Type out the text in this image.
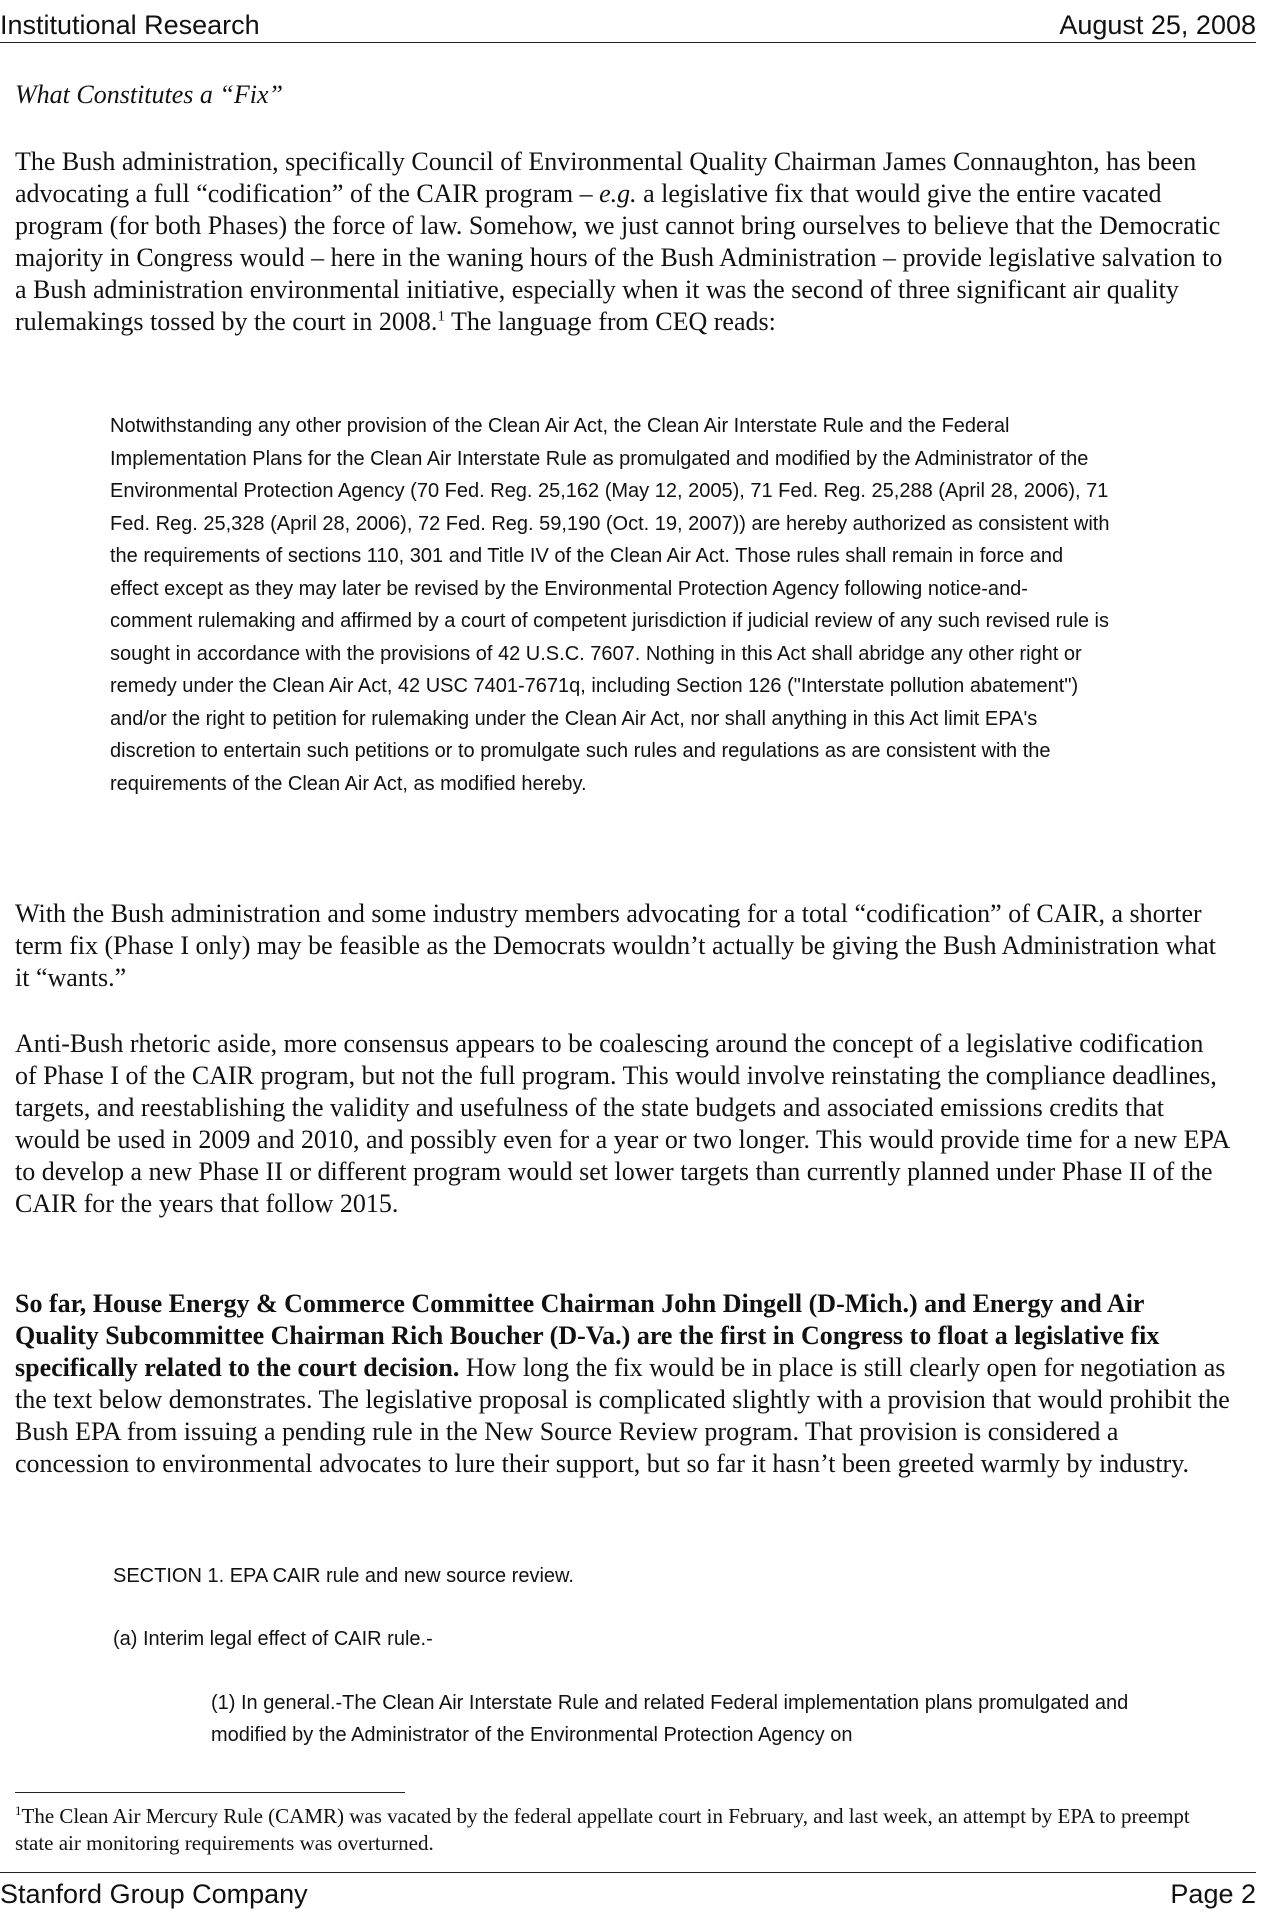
Institutional Research	August 25, 2008
What Constitutes a “Fix”

The Bush administration, specifically Council of Environmental Quality Chairman James Connaughton, has been advocating a full “codification” of the CAIR program – e.g. a legislative fix that would give the entire vacated program (for both Phases) the force of law. Somehow, we just cannot bring ourselves to believe that the Democratic majority in Congress would – here in the waning hours of the Bush Administration – provide legislative salvation to a Bush administration environmental initiative, especially when it was the second of three significant air quality rulemakings tossed by the court in 2008.$^1$ The language from CEQ reads:

Notwithstanding any other provision of the Clean Air Act, the Clean Air Interstate Rule and the Federal Implementation Plans for the Clean Air Interstate Rule as promulgated and modified by the Administrator of the Environmental Protection Agency (70 Fed. Reg. 25,162 (May 12, 2005), 71 Fed. Reg. 25,288 (April 28, 2006), 71 Fed. Reg. 25,328 (April 28, 2006), 72 Fed. Reg. 59,190 (Oct. 19, 2007)) are hereby authorized as consistent with the requirements of sections 110, 301 and Title IV of the Clean Air Act. Those rules shall remain in force and effect except as they may later be revised by the Environmental Protection Agency following notice-and-comment rulemaking and affirmed by a court of competent jurisdiction if judicial review of any such revised rule is sought in accordance with the provisions of 42 U.S.C. 7607. Nothing in this Act shall abridge any other right or remedy under the Clean Air Act, 42 USC 7401-7671q, including Section 126 ("Interstate pollution abatement") and/or the right to petition for rulemaking under the Clean Air Act, nor shall anything in this Act limit EPA's discretion to entertain such petitions or to promulgate such rules and regulations as are consistent with the requirements of the Clean Air Act, as modified hereby.

With the Bush administration and some industry members advocating for a total “codification” of CAIR, a shorter term fix (Phase I only) may be feasible as the Democrats wouldn’t actually be giving the Bush Administration what it “wants.”

Anti-Bush rhetoric aside, more consensus appears to be coalescing around the concept of a legislative codification of Phase I of the CAIR program, but not the full program. This would involve reinstating the compliance deadlines, targets, and reestablishing the validity and usefulness of the state budgets and associated emissions credits that would be used in 2009 and 2010, and possibly even for a year or two longer. This would provide time for a new EPA to develop a new Phase II or different program would set lower targets than currently planned under Phase II of the CAIR for the years that follow 2015.

So far, House Energy & Commerce Committee Chairman John Dingell (D-Mich.) and Energy and Air Quality Subcommittee Chairman Rich Boucher (D-Va.) are the first in Congress to float a legislative fix specifically related to the court decision. How long the fix would be in place is still clearly open for negotiation as the text below demonstrates. The legislative proposal is complicated slightly with a provision that would prohibit the Bush EPA from issuing a pending rule in the New Source Review program. That provision is considered a concession to environmental advocates to lure their support, but so far it hasn’t been greeted warmly by industry.

SECTION 1. EPA CAIR rule and new source review.

(a) Interim legal effect of CAIR rule.-

(1) In general.-The Clean Air Interstate Rule and related Federal implementation plans promulgated and modified by the Administrator of the Environmental Protection Agency on

$^1$The Clean Air Mercury Rule (CAMR) was vacated by the federal appellate court in February, and last week, an attempt by EPA to preempt state air monitoring requirements was overturned.

Stanford Group Company	Page 2
